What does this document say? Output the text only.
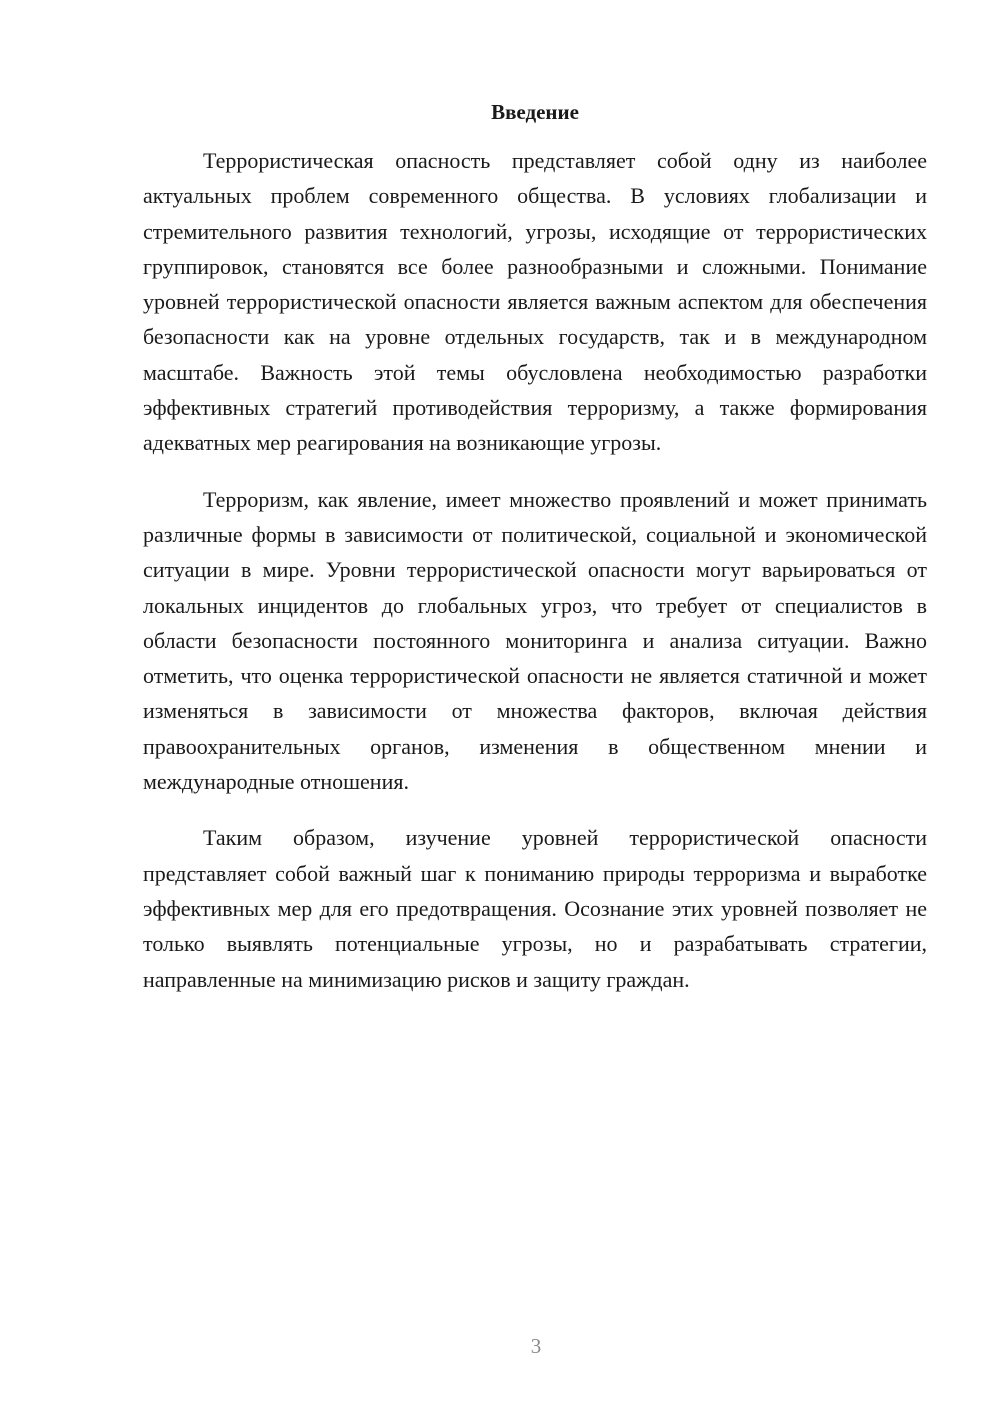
Введение

Террористическая опасность представляет собой одну из наиболее актуальных проблем современного общества. В условиях глобализации и стремительного развития технологий, угрозы, исходящие от террористических группировок, становятся все более разнообразными и сложными. Понимание уровней террористической опасности является важным аспектом для обеспечения безопасности как на уровне отдельных государств, так и в международном масштабе. Важность этой темы обусловлена необходимостью разработки эффективных стратегий противодействия терроризму, а также формирования адекватных мер реагирования на возникающие угрозы.

Терроризм, как явление, имеет множество проявлений и может принимать различные формы в зависимости от политической, социальной и экономической ситуации в мире. Уровни террористической опасности могут варьироваться от локальных инцидентов до глобальных угроз, что требует от специалистов в области безопасности постоянного мониторинга и анализа ситуации. Важно отметить, что оценка террористической опасности не является статичной и может изменяться в зависимости от множества факторов, включая действия правоохранительных органов, изменения в общественном мнении и международные отношения.

Таким образом, изучение уровней террористической опасности представляет собой важный шаг к пониманию природы терроризма и выработке эффективных мер для его предотвращения. Осознание этих уровней позволяет не только выявлять потенциальные угрозы, но и разрабатывать стратегии, направленные на минимизацию рисков и защиту граждан.

3
